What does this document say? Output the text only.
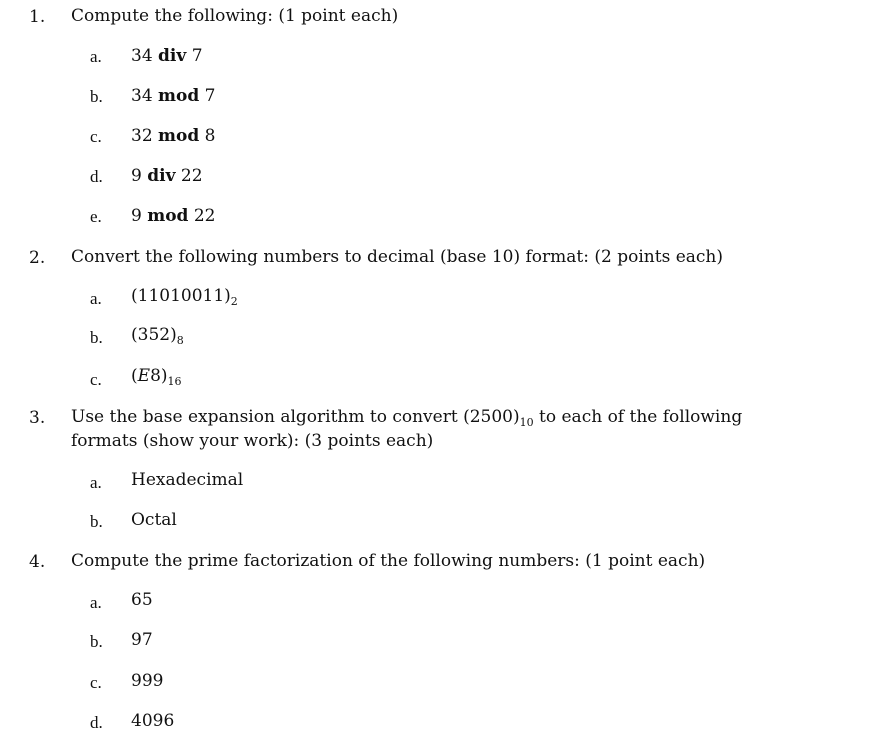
1. Compute the following: (1 point each)
a. 34 div 7
b. 34 mod 7
c. 32 mod 8
d. 9 div 22
e. 9 mod 22
2. Convert the following numbers to decimal (base 10) format: (2 points each)
a. $(11010011)_2$
b. $(352)_8$
c. $(E8)_{16}$
3. Use the base expansion algorithm to convert $(2500)_{10}$ to each of the following
formats (show your work): (3 points each)
a. Hexadecimal
b. Octal
4. Compute the prime factorization of the following numbers: (1 point each)
a. 65
b. 97
c. 999
d. 4096
